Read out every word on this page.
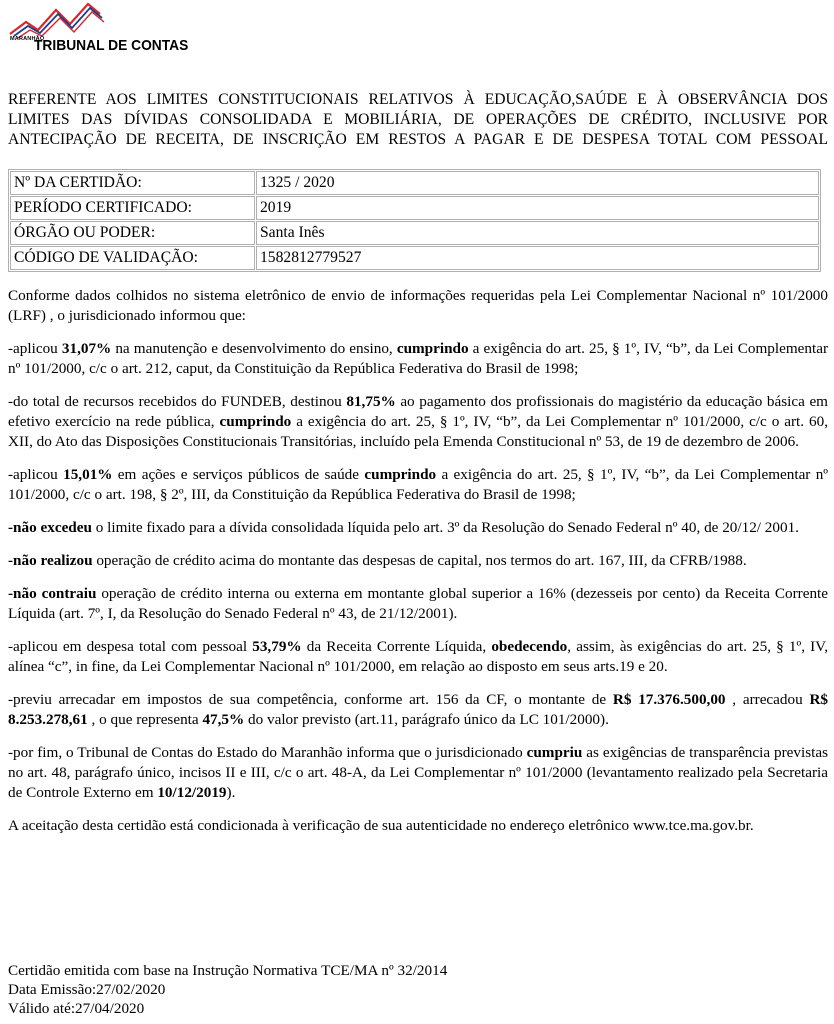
MARANHÃO
TRIBUNAL DE CONTAS
REFERENTE AOS LIMITES CONSTITUCIONAIS RELATIVOS À EDUCAÇÃO,SAÚDE E À OBSERVÂNCIA DOS
LIMITES DAS DÍVIDAS CONSOLIDADA E MOBILIÁRIA, DE OPERAÇÕES DE CRÉDITO, INCLUSIVE POR
ANTECIPAÇÃO DE RECEITA, DE INSCRIÇÃO EM RESTOS A PAGAR E DE DESPESA TOTAL COM PESSOAL
Nº DA CERTIDÃO:	1325 / 2020
PERÍODO CERTIFICADO:	2019
ÓRGÃO OU PODER:	Santa Inês
CÓDIGO DE VALIDAÇÃO:	1582812779527

Conforme dados colhidos no sistema eletrônico de envio de informações requeridas pela Lei Complementar Nacional nº 101/2000 (LRF) , o jurisdicionado informou que:

-aplicou 31,07% na manutenção e desenvolvimento do ensino, cumprindo a exigência do art. 25, § 1º, IV, “b”, da Lei Complementar nº 101/2000, c/c o art. 212, caput, da Constituição da República Federativa do Brasil de 1998;

-do total de recursos recebidos do FUNDEB, destinou 81,75% ao pagamento dos profissionais do magistério da educação básica em efetivo exercício na rede pública, cumprindo a exigência do art. 25, § 1º, IV, “b”, da Lei Complementar nº 101/2000, c/c o art. 60, XII, do Ato das Disposições Constitucionais Transitórias, incluído pela Emenda Constitucional nº 53, de 19 de dezembro de 2006.

-aplicou 15,01% em ações e serviços públicos de saúde cumprindo a exigência do art. 25, § 1º, IV, “b”, da Lei Complementar nº 101/2000, c/c o art. 198, § 2º, III, da Constituição da República Federativa do Brasil de 1998;

-não excedeu o limite fixado para a dívida consolidada líquida pelo art. 3º da Resolução do Senado Federal nº 40, de 20/12/ 2001.

-não realizou operação de crédito acima do montante das despesas de capital, nos termos do art. 167, III, da CFRB/1988.

-não contraiu operação de crédito interna ou externa em montante global superior a 16% (dezesseis por cento) da Receita Corrente Líquida (art. 7º, I, da Resolução do Senado Federal nº 43, de 21/12/2001).

-aplicou em despesa total com pessoal 53,79% da Receita Corrente Líquida, obedecendo, assim, às exigências do art. 25, § 1º, IV, alínea “c”, in fine, da Lei Complementar Nacional nº 101/2000, em relação ao disposto em seus arts.19 e 20.

-previu arrecadar em impostos de sua competência, conforme art. 156 da CF, o montante de R$ 17.376.500,00 , arrecadou R$ 8.253.278,61 , o que representa 47,5% do valor previsto (art.11, parágrafo único da LC 101/2000).

-por fim, o Tribunal de Contas do Estado do Maranhão informa que o jurisdicionado cumpriu as exigências de transparência previstas no art. 48, parágrafo único, incisos II e III, c/c o art. 48-A, da Lei Complementar nº 101/2000 (levantamento realizado pela Secretaria de Controle Externo em 10/12/2019).

A aceitação desta certidão está condicionada à verificação de sua autenticidade no endereço eletrônico www.tce.ma.gov.br.

Certidão emitida com base na Instrução Normativa TCE/MA nº 32/2014
Data Emissão:27/02/2020
Válido até:27/04/2020
